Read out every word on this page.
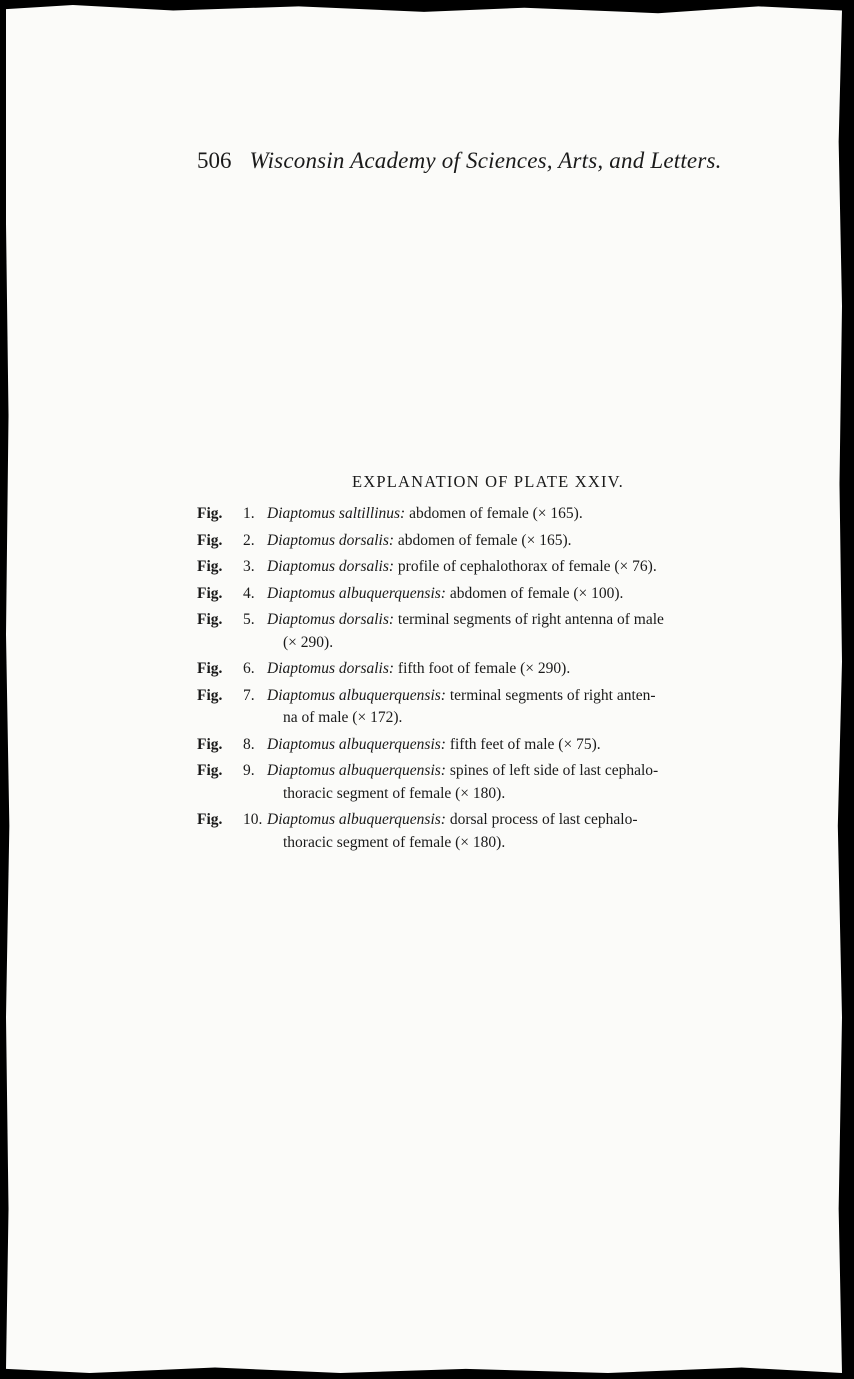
506 Wisconsin Academy of Sciences, Arts, and Letters.
EXPLANATION OF PLATE XXIV.
Fig.	1. Diaptomus saltillinus: abdomen of female (× 165).
Fig.	2. Diaptomus dorsalis: abdomen of female (× 165).
Fig.	3. Diaptomus dorsalis: profile of cephalothorax of female (× 76).
Fig.	4. Diaptomus albuquerquensis: abdomen of female (× 100).
Fig.	5. Diaptomus dorsalis: terminal segments of right antenna of male
(× 290).
Fig.	6. Diaptomus dorsalis: fifth foot of female (× 290).
Fig.	7. Diaptomus albuquerquensis: terminal segments of right anten-
na of male (× 172).
Fig.	8. Diaptomus albuquerquensis: fifth feet of male (× 75).
Fig.	9. Diaptomus albuquerquensis: spines of left side of last cephalo-
thoracic segment of female (× 180).
Fig.	10. Diaptomus albuquerquensis: dorsal process of last cephalo-
thoracic segment of female (× 180).
